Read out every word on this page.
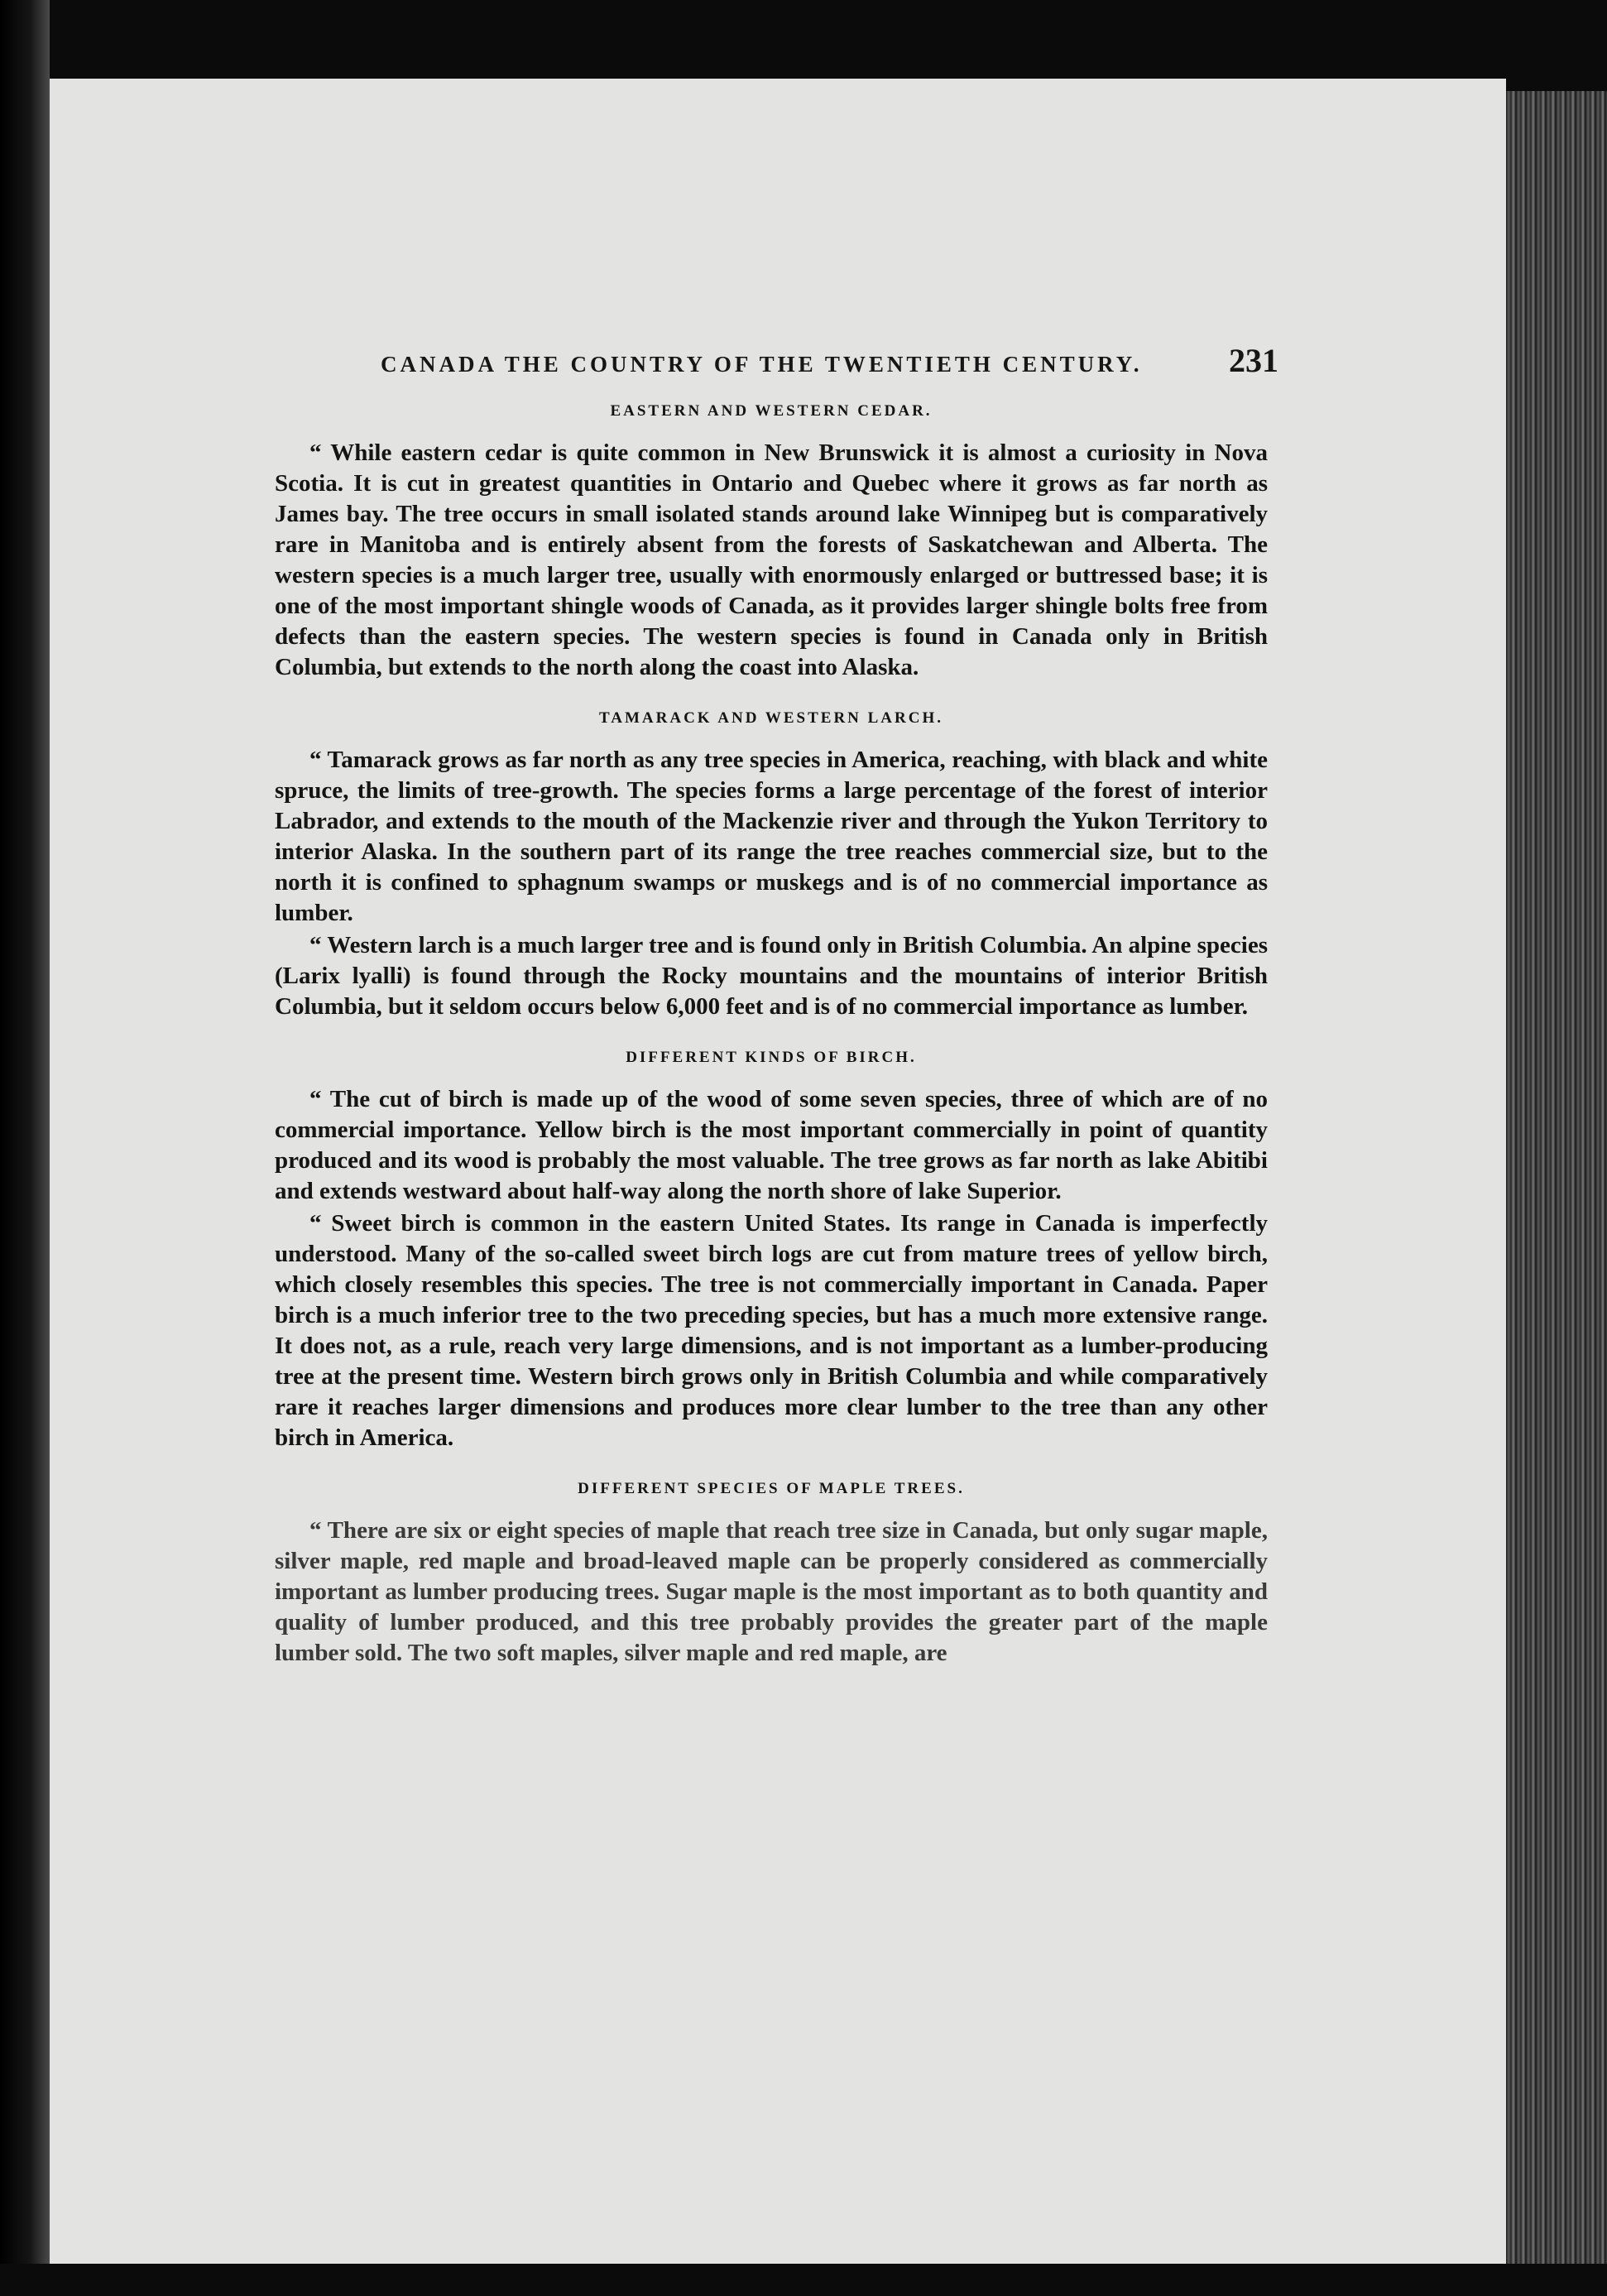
CANADA THE COUNTRY OF THE TWENTIETH CENTURY.	231
EASTERN AND WESTERN CEDAR.

“ While eastern cedar is quite common in New Brunswick it is almost a curiosity in Nova Scotia. It is cut in greatest quantities in Ontario and Quebec where it grows as far north as James bay. The tree occurs in small isolated stands around lake Winnipeg but is comparatively rare in Manitoba and is entirely absent from the forests of Saskatchewan and Alberta. The western species is a much larger tree, usually with enormously enlarged or buttressed base; it is one of the most important shingle woods of Canada, as it provides larger shingle bolts free from defects than the eastern species. The western species is found in Canada only in British Columbia, but extends to the north along the coast into Alaska.

TAMARACK AND WESTERN LARCH.

“ Tamarack grows as far north as any tree species in America, reaching, with black and white spruce, the limits of tree-growth. The species forms a large percentage of the forest of interior Labrador, and extends to the mouth of the Mackenzie river and through the Yukon Territory to interior Alaska. In the southern part of its range the tree reaches commercial size, but to the north it is confined to sphagnum swamps or muskegs and is of no commercial importance as lumber.

“ Western larch is a much larger tree and is found only in British Columbia. An alpine species (Larix lyalli) is found through the Rocky mountains and the mountains of interior British Columbia, but it seldom occurs below 6,000 feet and is of no commercial importance as lumber.

DIFFERENT KINDS OF BIRCH.

“ The cut of birch is made up of the wood of some seven species, three of which are of no commercial importance. Yellow birch is the most important commercially in point of quantity produced and its wood is probably the most valuable. The tree grows as far north as lake Abitibi and extends westward about half-way along the north shore of lake Superior.

“ Sweet birch is common in the eastern United States. Its range in Canada is imperfectly understood. Many of the so-called sweet birch logs are cut from mature trees of yellow birch, which closely resembles this species. The tree is not commercially important in Canada. Paper birch is a much inferior tree to the two preceding species, but has a much more extensive range. It does not, as a rule, reach very large dimensions, and is not important as a lumber-producing tree at the present time. Western birch grows only in British Columbia and while comparatively rare it reaches larger dimensions and produces more clear lumber to the tree than any other birch in America.

DIFFERENT SPECIES OF MAPLE TREES.

“ There are six or eight species of maple that reach tree size in Canada, but only sugar maple, silver maple, red maple and broad-leaved maple can be properly considered as commercially important as lumber producing trees. Sugar maple is the most important as to both quantity and quality of lumber produced, and this tree probably provides the greater part of the maple lumber sold. The two soft maples, silver maple and red maple, are
